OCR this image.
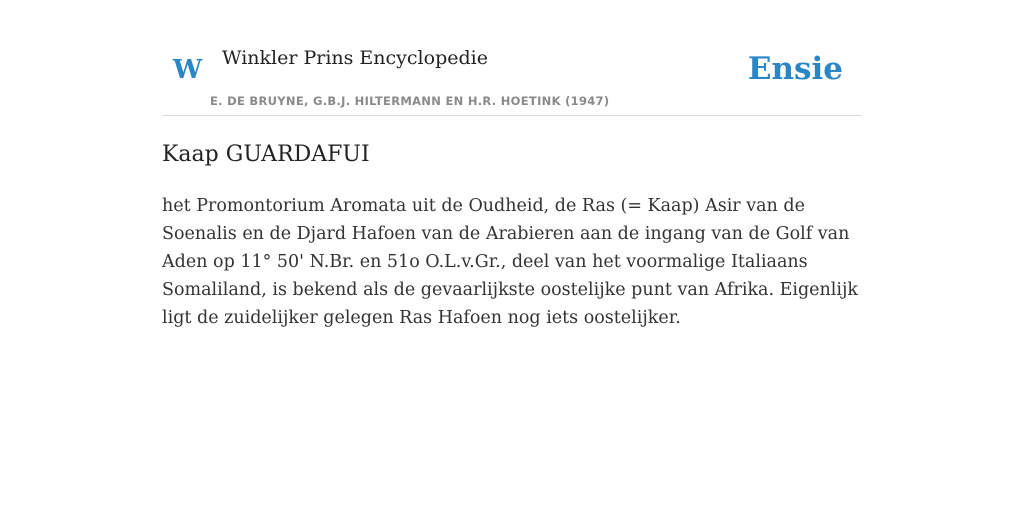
W Winkler Prins Encyclopedie
E. DE BRUYNE, G.B.J. HILTERMANN EN H.R. HOETINK (1947)
Ensie
Kaap GUARDAFUI

het Promontorium Aromata uit de Oudheid, de Ras (= Kaap) Asir van de Soenalis en de Djard Hafoen van de Arabieren aan de ingang van de Golf van Aden op 11° 50' N.Br. en 51o O.L.v.Gr., deel van het voormalige Italiaans Somaliland, is bekend als de gevaarlijkste oostelijke punt van Afrika. Eigenlijk ligt de zuidelijker gelegen Ras Hafoen nog iets oostelijker.
